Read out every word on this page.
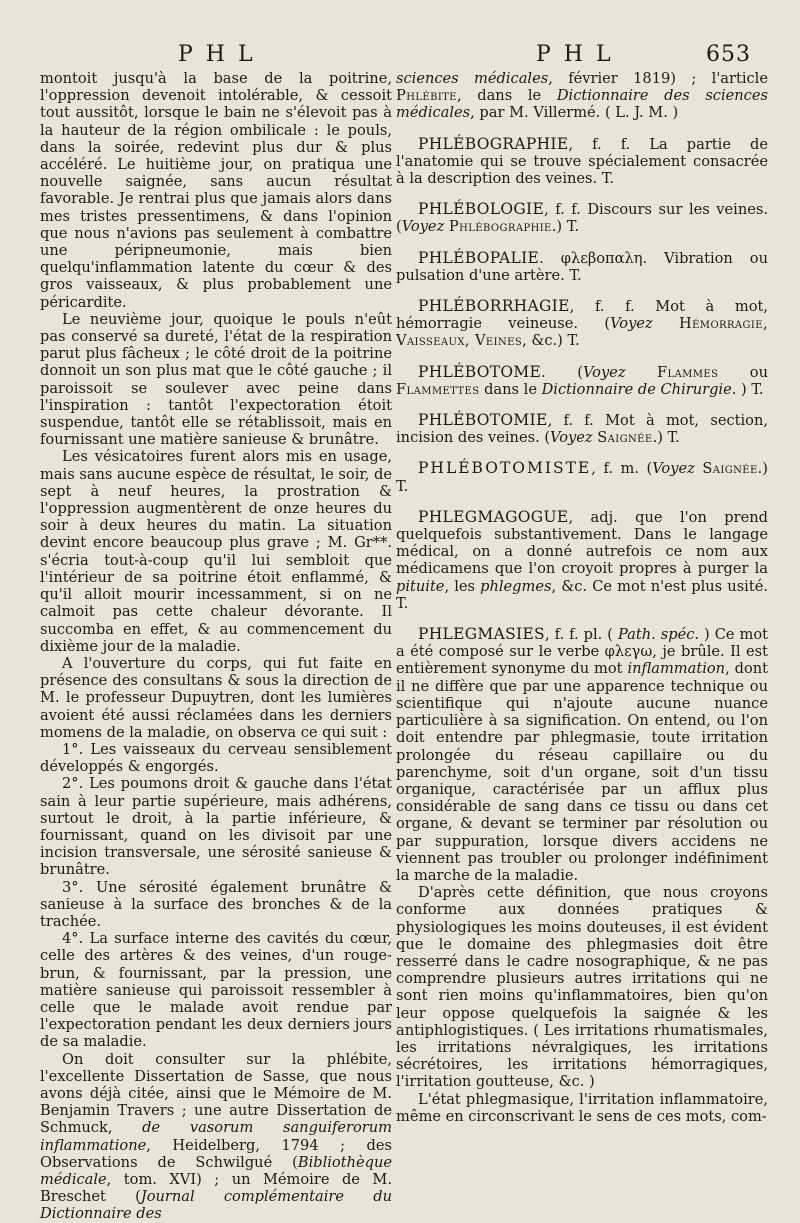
P H L	P H L	653

montoit jusqu'à la base de la poitrine, l'oppression devenoit intolérable, & cessoit tout aussitôt, lorsque le bain ne s'élevoit pas à la hauteur de la région ombilicale : le pouls, dans la soirée, redevint plus dur & plus accéléré. Le huitième jour, on pratiqua une nouvelle saignée, sans aucun résultat favorable. Je rentrai plus que jamais alors dans mes tristes pressentimens, & dans l'opinion que nous n'avions pas seulement à combattre une péripneumonie, mais bien quelqu'inflammation latente du cœur & des gros vaisseaux, & plus probablement une péricardite.

Le neuvième jour, quoique le pouls n'eût pas conservé sa dureté, l'état de la respiration parut plus fâcheux ; le côté droit de la poitrine donnoit un son plus mat que le côté gauche ; il paroissoit se soulever avec peine dans l'inspiration : tantôt l'expectoration étoit suspendue, tantôt elle se rétablissoit, mais en fournissant une matière sanieuse & brunâtre.

Les vésicatoires furent alors mis en usage, mais sans aucune espèce de résultat, le soir, de sept à neuf heures, la prostration & l'oppression augmentèrent de onze heures du soir à deux heures du matin. La situation devint encore beaucoup plus grave ; M. Gr**. s'écria tout-à-coup qu'il lui sembloit que l'intérieur de sa poitrine étoit enflammé, & qu'il alloit mourir incessamment, si on ne calmoit pas cette chaleur dévorante. Il succomba en effet, & au commencement du dixième jour de la maladie.

A l'ouverture du corps, qui fut faite en présence des consultans & sous la direction de M. le professeur Dupuytren, dont les lumières avoient été aussi réclamées dans les derniers momens de la maladie, on observa ce qui suit :

1°. Les vaisseaux du cerveau sensiblement développés & engorgés.

2°. Les poumons droit & gauche dans l'état sain à leur partie supérieure, mais adhérens, surtout le droit, à la partie inférieure, & fournissant, quand on les divisoit par une incision transversale, une sérosité sanieuse & brunâtre.

3°. Une sérosité également brunâtre & sanieuse à la surface des bronches & de la trachée.

4°. La surface interne des cavités du cœur, celle des artères & des veines, d'un rouge-brun, & fournissant, par la pression, une matière sanieuse qui paroissoit ressembler à celle que le malade avoit rendue par l'expectoration pendant les deux derniers jours de sa maladie.

On doit consulter sur la phlébite, l'excellente Dissertation de Sasse, que nous avons déjà citée, ainsi que le Mémoire de M. Benjamin Travers ; une autre Dissertation de Schmuck, de vasorum sanguiferorum inflammatione, Heidelberg, 1794 ; des Observations de Schwilgué (Bibliothèque médicale, tom. XVI) ; un Mémoire de M. Breschet (Journal complémentaire du Dictionnaire des

sciences médicales, février 1819) ; l'article Phlébite, dans le Dictionnaire des sciences médicales, par M. Villermé. ( L. J. M. )

PHLÉBOGRAPHIE, f. f. La partie de l'anatomie qui se trouve spécialement consacrée à la description des veines. T.

PHLÉBOLOGIE, f. f. Discours sur les veines. (Voyez Phlébographie.) T.

PHLÉBOPALIE. φλεβοπαλη. Vibration ou pulsation d'une artère. T.

PHLÉBORRHAGIE, f. f. Mot à mot, hémorragie veineuse. (Voyez Hémorragie, Vaisseaux, Veines, &c.) T.

PHLÉBOTOME. (Voyez Flammes ou Flammettes dans le Dictionnaire de Chirurgie. ) T.

PHLÉBOTOMIE, f. f. Mot à mot, section, incision des veines. (Voyez Saignée.) T.

PHLÉBOTOMISTE, f. m. (Voyez Saignée.) T.

PHLEGMAGOGUE, adj. que l'on prend quelquefois substantivement. Dans le langage médical, on a donné autrefois ce nom aux médicamens que l'on croyoit propres à purger la pituite, les phlegmes, &c. Ce mot n'est plus usité. T.

PHLEGMASIES, f. f. pl. ( Path. spéc. ) Ce mot a été composé sur le verbe φλεγω, je brûle. Il est entièrement synonyme du mot inflammation, dont il ne diffère que par une apparence technique ou scientifique qui n'ajoute aucune nuance particulière à sa signification. On entend, ou l'on doit entendre par phlegmasie, toute irritation prolongée du réseau capillaire ou du parenchyme, soit d'un organe, soit d'un tissu organique, caractérisée par un afflux plus considérable de sang dans ce tissu ou dans cet organe, & devant se terminer par résolution ou par suppuration, lorsque divers accidens ne viennent pas troubler ou prolonger indéfiniment la marche de la maladie.

D'après cette définition, que nous croyons conforme aux données pratiques & physiologiques les moins douteuses, il est évident que le domaine des phlegmasies doit être resserré dans le cadre nosographique, & ne pas comprendre plusieurs autres irritations qui ne sont rien moins qu'inflammatoires, bien qu'on leur oppose quelquefois la saignée & les antiphlogistiques. ( Les irritations rhumatismales, les irritations névralgiques, les irritations sécrétoires, les irritations hémorragiques, l'irritation goutteuse, &c. )

L'état phlegmasique, l'irritation inflammatoire, même en circonscrivant le sens de ces mots, com-
